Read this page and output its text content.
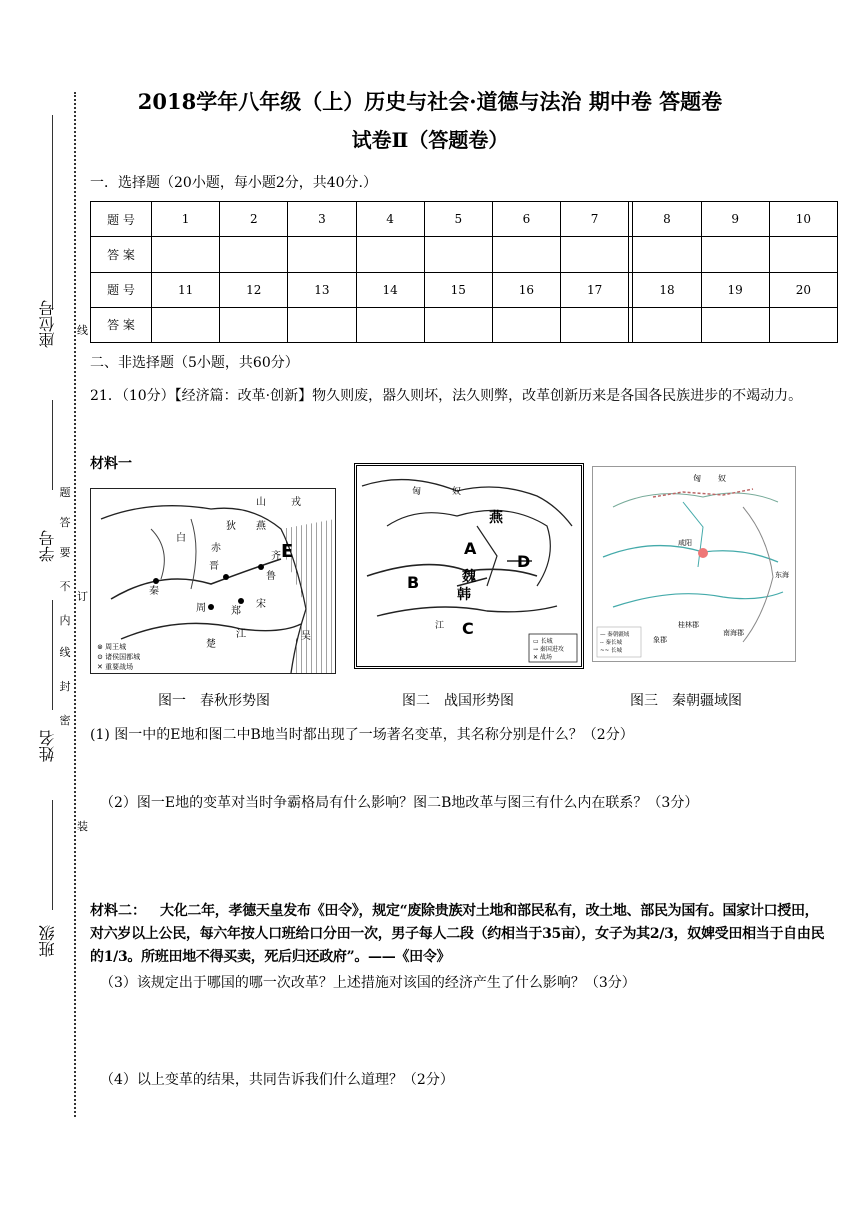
座位号
学号
姓名
班级
线
订
装
题
答
要
不
内
线
封
密
2018学年八年级（上）历史与社会·道德与法治 期中卷 答题卷
试卷Ⅱ（答题卷）
一．选择题（20小题，每小题2分，共40分.）
题 号	1	2	3	4	5	6	7		8	9	10
答 案											
题 号	11	12	13	14	15	16	17		18	19	20
答 案											
二、非选择题（5小题，共60分）
21．（10分）【经济篇：改革·创新】物久则废，器久则坏，法久则弊，改革创新历来是各国各民族进步的不竭动力。
材料一
山	戎
燕
狄
白
赤
齐
晋
鲁
秦
周	郑
宋
楚
吴
江
E
⊚ 周王城
⊙ 诸侯国都城
✕ 重要战场
匈	奴
燕
A
B	魏
韩
D
C
江
▭ 长城
→ 秦国进攻
✕ 战场
匈 奴
咸阳
南海郡
桂林郡
象郡
东海
— 秦朝疆域
-- 秦长城
~~ 长城
图一　春秋形势图	图二　战国形势图	图三　秦朝疆域图
(1) 图一中的E地和图二中B地当时都出现了一场著名变革，其名称分别是什么？（2分）
（2）图一E地的变革对当时争霸格局有什么影响？图二B地改革与图三有什么内在联系？（3分）
材料二： 大化二年，孝德天皇发布《田令》，规定“废除贵族对土地和部民私有，改土地、部民为国有。国家计口授田，对六岁以上公民，每六年按人口班给口分田一次，男子每人二段（约相当于35亩），女子为其2/3，奴婢受田相当于自由民的1/3。所班田地不得买卖，死后归还政府”。——《田令》
（3）该规定出于哪国的哪一次改革？上述措施对该国的经济产生了什么影响？（3分）
（4）以上变革的结果，共同告诉我们什么道理？（2分）
